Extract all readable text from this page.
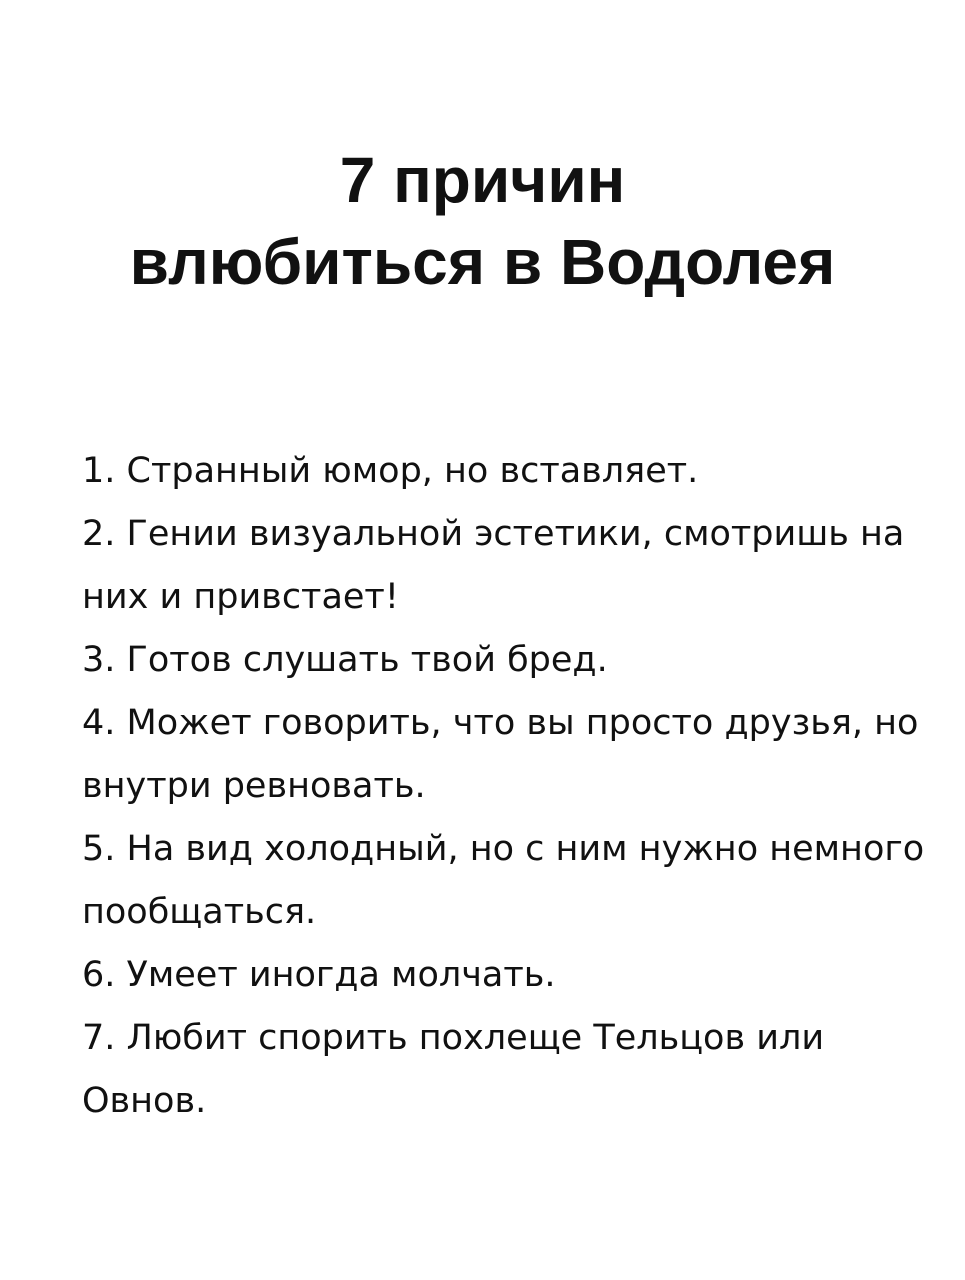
7 причин
влюбиться в Водолея
1. Странный юмор, но вставляет.
2. Гении визуальной эстетики, смотришь на них и привстает!
3. Готов слушать твой бред.
4. Может говорить, что вы просто друзья, но внутри ревновать.
5. На вид холодный, но с ним нужно немного пообщаться.
6. Умеет иногда молчать.
7. Любит спорить похлеще Тельцов или Овнов.
